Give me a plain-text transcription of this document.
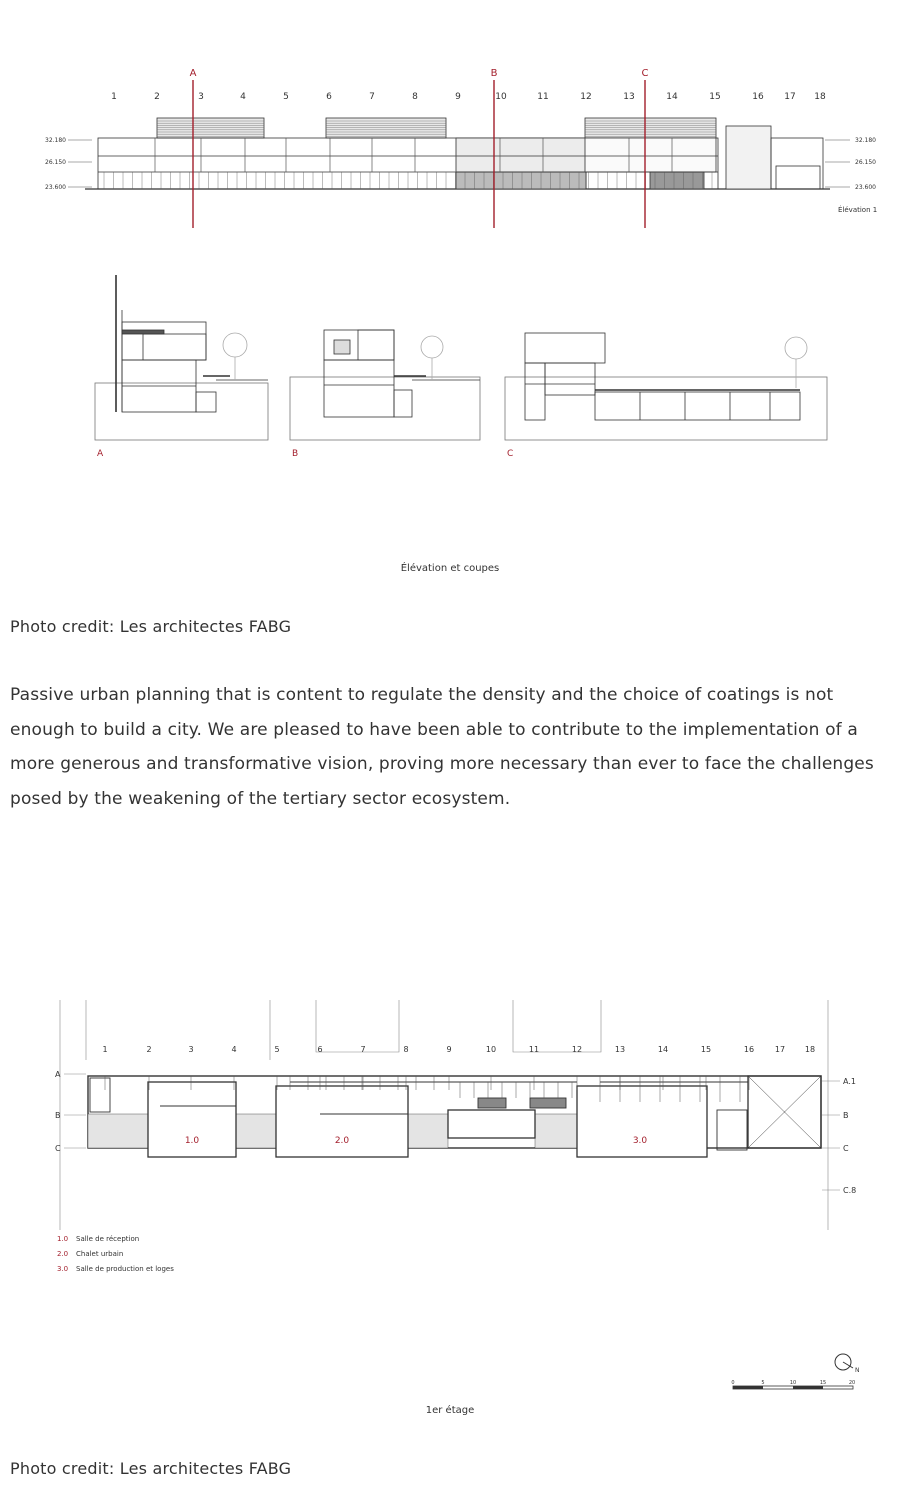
1	2	3	4	5	6	7	8	9	10	11	12	13	14	15	16 17 18
A	B	C
32.180
26.150
23.600
32.180
26.150
23.600
Élévation 1
A	B	C
Élévation et coupes
Photo credit: Les architectes FABG
Passive urban planning that is content to regulate the density and the choice of coatings is not enough to build a city. We are pleased to have been able to contribute to the implementation of a more generous and transformative vision, proving more necessary than ever to face the challenges posed by the weakening of the tertiary sector ecosystem.
1	2	3	4	5	6	7	8	9	10	11	12	13	14	15	16	17 18
A
B
C
A.1
B
C
C.8
1.0	2.0	3.0
1.0 Salle de réception
2.0 Chalet urbain
3.0 Salle de production et loges
N
0	5	10	15	20
1er étage
Photo credit: Les architectes FABG
